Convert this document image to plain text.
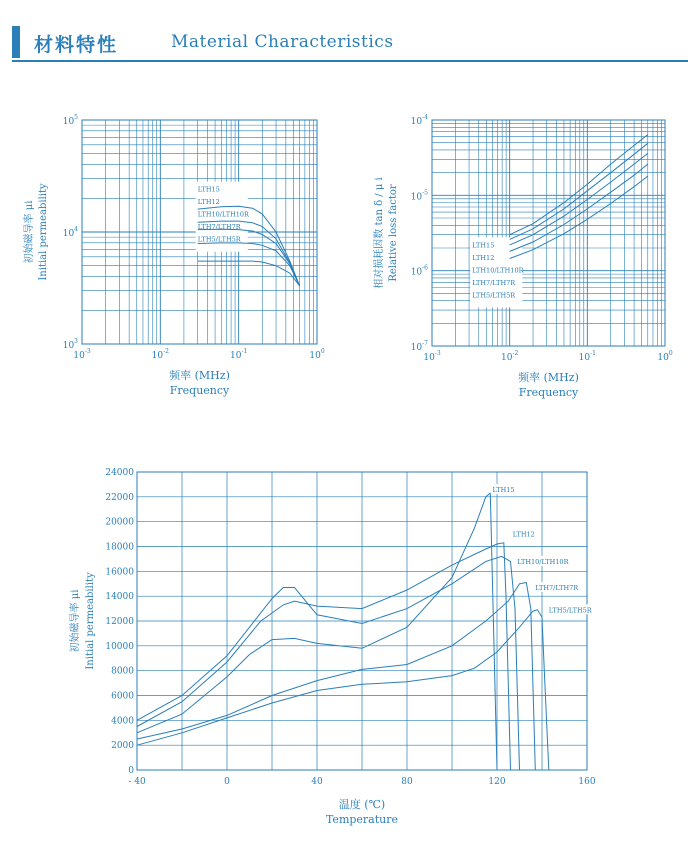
材料特性	Material Characteristics
$10^{-3}$	$10^{-2}$	$10^{-1}$	$10^0$
$10^3$
$10^4$
$10^5$
LTH15
LTH12
LTH10/LTH10R
LTH7/LTH7R
LTH5/LTH5R
频率 (MHz)
Frequency
初始磁导率 μi Initial permeability
$10^{-3}$	$10^{-2}$	$10^{-1}$	$10^0$
$10^{-7}$
$10^{-6}$
$10^{-5}$
$10^{-4}$
LTH15
LTH12
LTH10/LTH10R
LTH7/LTH7R
LTH5/LTH5R
频率 (MHz)
Frequency
相对损耗因数 tan δ / μ i Relative loss factor
- 40	0	40	80	120	160
0
2000
4000
6000
8000
10000
12000
14000
16000
18000
20000
22000
24000
LTH15
LTH12
LTH10/LTH10R
LTH7/LTH7R
LTH5/LTH5R
温度 (℃)
Temperature
初始磁导率 μi Initial permeability
